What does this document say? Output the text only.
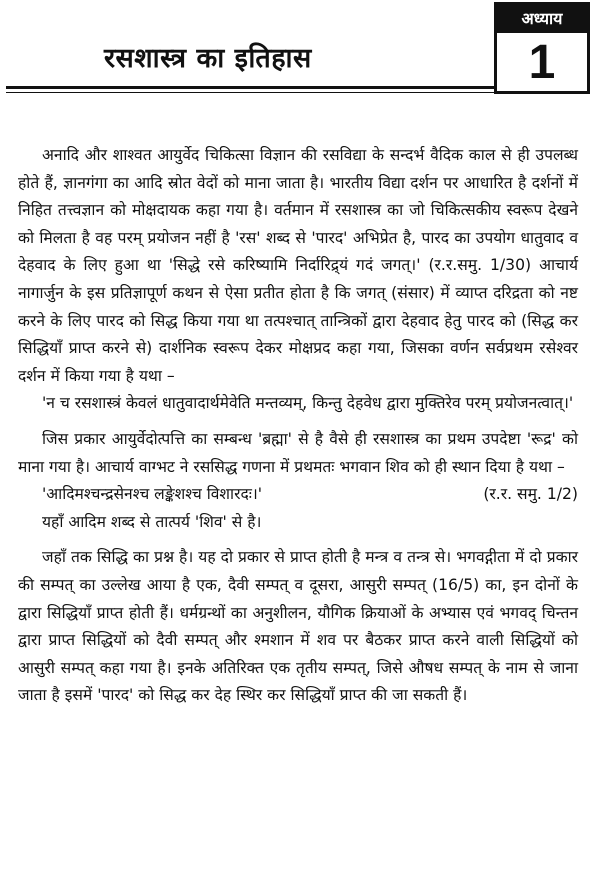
रसशास्त्र का इतिहास
अध्याय
1

अनादि और शाश्वत आयुर्वेद चिकित्सा विज्ञान की रसविद्या के सन्दर्भ वैदिक काल से ही उपलब्ध होते हैं, ज्ञानगंगा का आदि स्रोत वेदों को माना जाता है। भारतीय विद्या दर्शन पर आधारित है दर्शनों में निहित तत्त्वज्ञान को मोक्षदायक कहा गया है। वर्तमान में रसशास्त्र का जो चिकित्सकीय स्वरूप देखने को मिलता है वह परम् प्रयोजन नहीं है 'रस' शब्द से 'पारद' अभिप्रेत है, पारद का उपयोग धातुवाद व देहवाद के लिए हुआ था 'सिद्धे रसे करिष्यामि निर्दारिद्र्यं गदं जगत्।' (र.र.समु. 1/30) आचार्य नागार्जुन के इस प्रतिज्ञापूर्ण कथन से ऐसा प्रतीत होता है कि जगत् (संसार) में व्याप्त दरिद्रता को नष्ट करने के लिए पारद को सिद्ध किया गया था तत्पश्चात् तान्त्रिकों द्वारा देहवाद हेतु पारद को (सिद्ध कर सिद्धियाँ प्राप्त करने से) दार्शनिक स्वरूप देकर मोक्षप्रद कहा गया, जिसका वर्णन सर्वप्रथम रसेश्वर दर्शन में किया गया है यथा –

'न च रसशास्त्रं केवलं धातुवादार्थमेवेति मन्तव्यम्, किन्तु देहवेध द्वारा मुक्तिरेव परम् प्रयोजनत्वात्।'

जिस प्रकार आयुर्वेदोत्पत्ति का सम्बन्ध 'ब्रह्मा' से है वैसे ही रसशास्त्र का प्रथम उपदेष्टा 'रूद्र' को माना गया है। आचार्य वाग्भट ने रससिद्ध गणना में प्रथमतः भगवान शिव को ही स्थान दिया है यथा –

'आदिमश्चन्द्रसेनश्च लङ्केशश्च विशारदः।'	(र.र. समु. 1/2)

यहाँ आदिम शब्द से तात्पर्य 'शिव' से है।

जहाँ तक सिद्धि का प्रश्न है। यह दो प्रकार से प्राप्त होती है मन्त्र व तन्त्र से। भगवद्गीता में दो प्रकार की सम्पत् का उल्लेख आया है एक, दैवी सम्पत् व दूसरा, आसुरी सम्पत् (16/5) का, इन दोनों के द्वारा सिद्धियाँ प्राप्त होती हैं। धर्मग्रन्थों का अनुशीलन, यौगिक क्रियाओं के अभ्यास एवं भगवद् चिन्तन द्वारा प्राप्त सिद्धियों को दैवी सम्पत् और श्मशान में शव पर बैठकर प्राप्त करने वाली सिद्धियों को आसुरी सम्पत् कहा गया है। इनके अतिरिक्त एक तृतीय सम्पत्, जिसे औषध सम्पत् के नाम से जाना जाता है इसमें 'पारद' को सिद्ध कर देह स्थिर कर सिद्धियाँ प्राप्त की जा सकती हैं।
